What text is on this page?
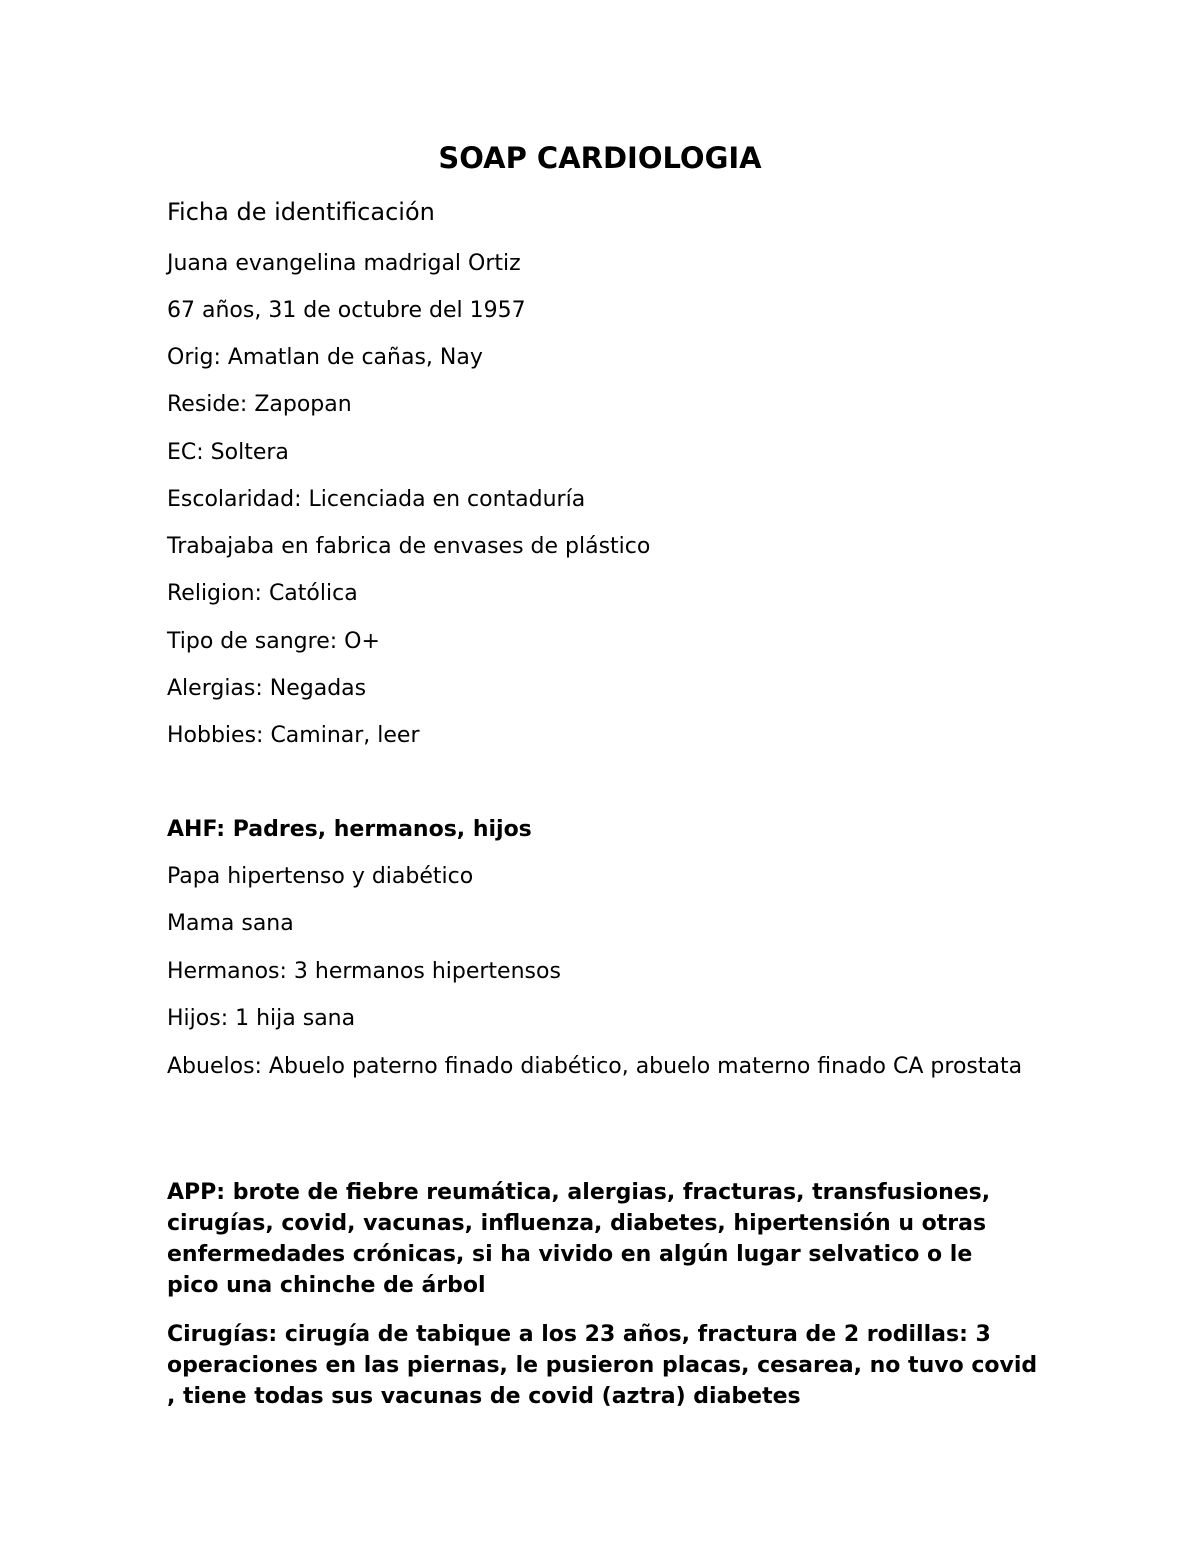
SOAP CARDIOLOGIA

Ficha de identificación

Juana evangelina madrigal Ortiz

67 años, 31 de octubre del 1957

Orig: Amatlan de cañas, Nay

Reside: Zapopan

EC: Soltera

Escolaridad: Licenciada en contaduría

Trabajaba en fabrica de envases de plástico

Religion: Católica

Tipo de sangre: O+

Alergias: Negadas

Hobbies: Caminar, leer

AHF: Padres, hermanos, hijos

Papa hipertenso y diabético

Mama sana

Hermanos: 3 hermanos hipertensos

Hijos: 1 hija sana

Abuelos: Abuelo paterno finado diabético, abuelo materno finado CA prostata

APP: brote de fiebre reumática, alergias, fracturas, transfusiones, cirugías, covid, vacunas, influenza, diabetes, hipertensión u otras enfermedades crónicas, si ha vivido en algún lugar selvatico o le pico una chinche de árbol

Cirugías: cirugía de tabique a los 23 años, fractura de 2 rodillas: 3 operaciones en las piernas, le pusieron placas, cesarea, no tuvo covid , tiene todas sus vacunas de covid (aztra) diabetes
